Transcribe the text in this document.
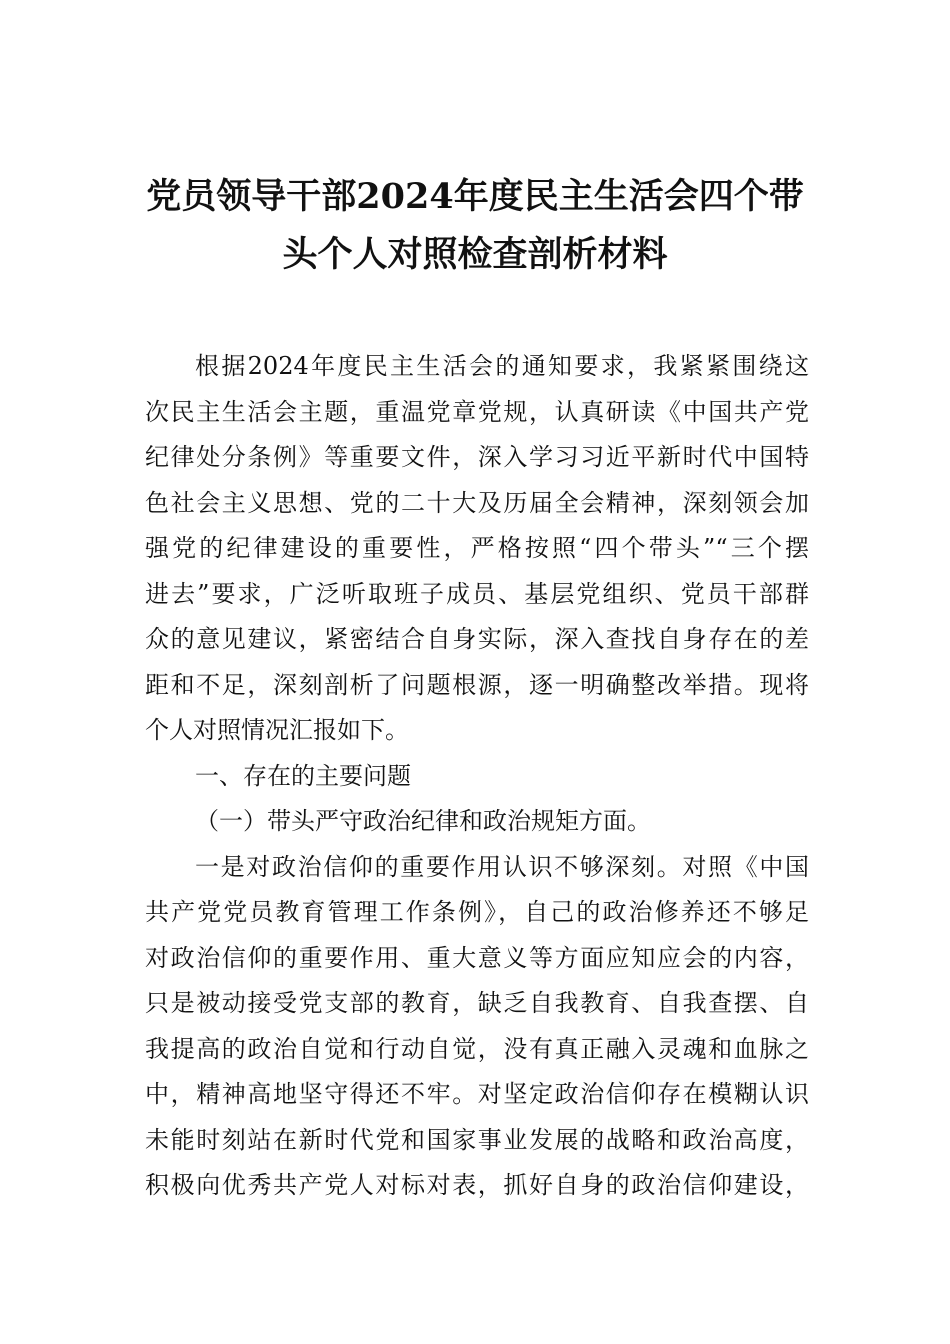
党员领导干部2024年度民主生活会四个带
头个人对照检查剖析材料
根据2024年度民主生活会的通知要求，我紧紧围绕这
次民主生活会主题，重温党章党规，认真研读《中国共产党
纪律处分条例》等重要文件，深入学习习近平新时代中国特
色社会主义思想、党的二十大及历届全会精神，深刻领会加
强党的纪律建设的重要性，严格按照“四个带头”“三个摆
进去”要求，广泛听取班子成员、基层党组织、党员干部群
众的意见建议，紧密结合自身实际，深入查找自身存在的差
距和不足，深刻剖析了问题根源，逐一明确整改举措。现将
个人对照情况汇报如下。
一、存在的主要问题
（一）带头严守政治纪律和政治规矩方面。
一是对政治信仰的重要作用认识不够深刻。对照《中国
共产党党员教育管理工作条例》，自己的政治修养还不够足
对政治信仰的重要作用、重大意义等方面应知应会的内容，
只是被动接受党支部的教育，缺乏自我教育、自我查摆、自
我提高的政治自觉和行动自觉，没有真正融入灵魂和血脉之
中，精神高地坚守得还不牢。对坚定政治信仰存在模糊认识
未能时刻站在新时代党和国家事业发展的战略和政治高度，
积极向优秀共产党人对标对表，抓好自身的政治信仰建设，
